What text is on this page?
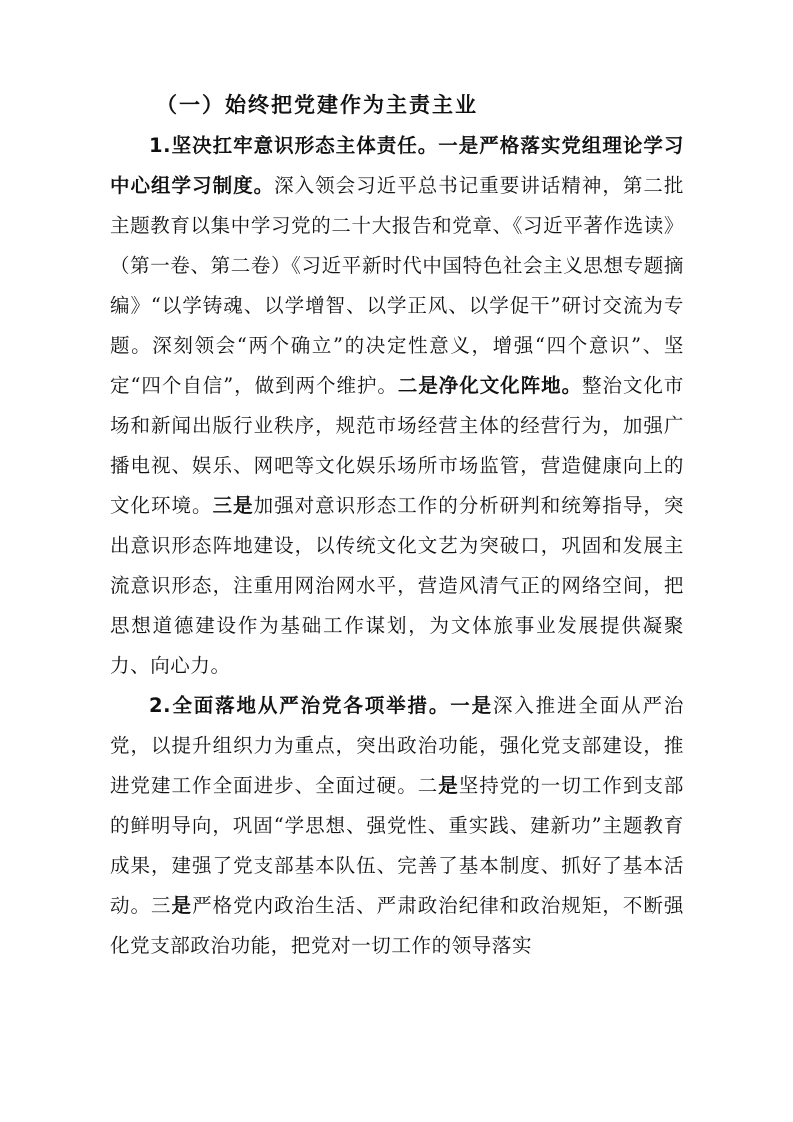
（一）始终把党建作为主责主业

1.坚决扛牢意识形态主体责任。一是严格落实党组理论学习中心组学习制度。深入领会习近平总书记重要讲话精神，第二批主题教育以集中学习党的二十大报告和党章、《习近平著作选读》（第一卷、第二卷）《习近平新时代中国特色社会主义思想专题摘编》“以学铸魂、以学增智、以学正风、以学促干”研讨交流为专题。深刻领会“两个确立”的决定性意义，增强“四个意识”、坚定“四个自信”，做到两个维护。二是净化文化阵地。整治文化市场和新闻出版行业秩序，规范市场经营主体的经营行为，加强广播电视、娱乐、网吧等文化娱乐场所市场监管，营造健康向上的文化环境。三是加强对意识形态工作的分析研判和统筹指导，突出意识形态阵地建设，以传统文化文艺为突破口，巩固和发展主流意识形态，注重用网治网水平，营造风清气正的网络空间，把思想道德建设作为基础工作谋划，为文体旅事业发展提供凝聚力、向心力。

2.全面落地从严治党各项举措。一是深入推进全面从严治党，以提升组织力为重点，突出政治功能，强化党支部建设，推进党建工作全面进步、全面过硬。二是坚持党的一切工作到支部的鲜明导向，巩固“学思想、强党性、重实践、建新功”主题教育成果，建强了党支部基本队伍、完善了基本制度、抓好了基本活动。三是严格党内政治生活、严肃政治纪律和政治规矩，不断强化党支部政治功能，把党对一切工作的领导落实
